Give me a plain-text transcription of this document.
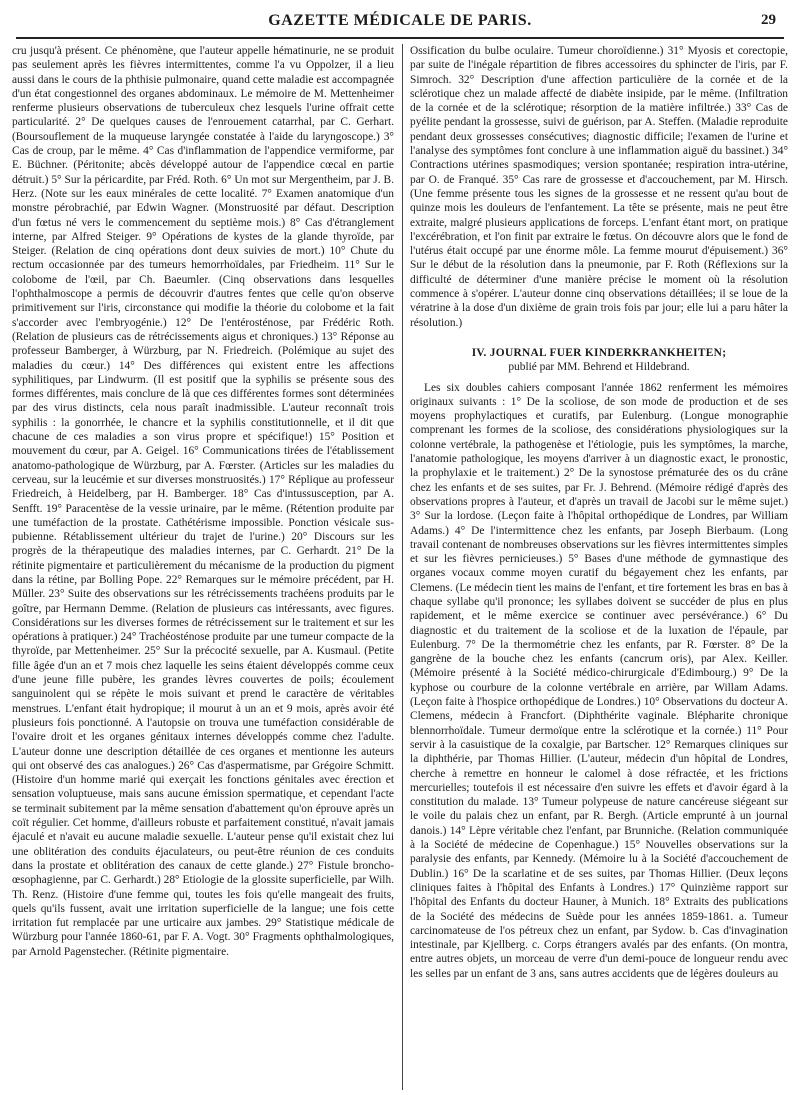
GAZETTE MÉDICALE DE PARIS.	29

cru jusqu'à présent. Ce phénomène, que l'auteur appelle hématinurie, ne se produit pas seulement après les fièvres intermittentes, comme l'a vu Oppolzer, il a lieu aussi dans le cours de la phthisie pulmonaire, quand cette maladie est accompagnée d'un état congestionnel des organes abdominaux. Le mémoire de M. Mettenheimer renferme plusieurs observations de tuberculeux chez lesquels l'urine offrait cette particularité. 2° De quelques causes de l'enrouement catarrhal, par C. Gerhart. (Boursouflement de la muqueuse laryngée constatée à l'aide du laryngoscope.) 3° Cas de croup, par le même. 4° Cas d'inflammation de l'appendice vermiforme, par E. Büchner. (Péritonite; abcès développé autour de l'appendice cœcal en partie détruit.) 5° Sur la péricardite, par Fréd. Roth. 6° Un mot sur Mergentheim, par J. B. Herz. (Note sur les eaux minérales de cette localité. 7° Examen anatomique d'un monstre pérobrachié, par Edwin Wagner. (Monstruosité par défaut. Description d'un fœtus né vers le commencement du septième mois.) 8° Cas d'étranglement interne, par Alfred Steiger. 9° Opérations de kystes de la glande thyroïde, par Steiger. (Relation de cinq opérations dont deux suivies de mort.) 10° Chute du rectum occasionnée par des tumeurs hemorrhoïdales, par Friedheim. 11° Sur le colobome de l'œil, par Ch. Baeumler. (Cinq observations dans lesquelles l'ophthalmoscope a permis de découvrir d'autres fentes que celle qu'on observe primitivement sur l'iris, circonstance qui modifie la théorie du colobome et la fait s'accorder avec l'embryogénie.) 12° De l'entérosténose, par Frédéric Roth. (Relation de plusieurs cas de rétrécissements aigus et chroniques.) 13° Réponse au professeur Bamberger, à Würzburg, par N. Friedreich. (Polémique au sujet des maladies du cœur.) 14° Des différences qui existent entre les affections syphilitiques, par Lindwurm. (Il est positif que la syphilis se présente sous des formes différentes, mais conclure de là que ces différentes formes sont déterminées par des virus distincts, cela nous paraît inadmissible. L'auteur reconnaît trois syphilis : la gonorrhée, le chancre et la syphilis constitutionnelle, et il dit que chacune de ces maladies a son virus propre et spécifique!) 15° Position et mouvement du cœur, par A. Geigel. 16° Communications tirées de l'établissement anatomo-pathologique de Würzburg, par A. Fœrster. (Articles sur les maladies du cerveau, sur la leucémie et sur diverses monstruosités.) 17° Réplique au professeur Friedreich, à Heidelberg, par H. Bamberger. 18° Cas d'intussusception, par A. Senfft. 19° Paracentèse de la vessie urinaire, par le même. (Rétention produite par une tuméfaction de la prostate. Cathétérisme impossible. Ponction vésicale sus-pubienne. Rétablissement ultérieur du trajet de l'urine.) 20° Discours sur les progrès de la thérapeutique des maladies internes, par C. Gerhardt. 21° De la rétinite pigmentaire et particulièrement du mécanisme de la production du pigment dans la rétine, par Bolling Pope. 22° Remarques sur le mémoire précédent, par H. Müller. 23° Suite des observations sur les rétrécissements trachéens produits par le goître, par Hermann Demme. (Relation de plusieurs cas intéressants, avec figures. Considérations sur les diverses formes de rétrécissement sur le traitement et sur les opérations à pratiquer.) 24° Trachéosténose produite par une tumeur compacte de la thyroïde, par Mettenheimer. 25° Sur la précocité sexuelle, par A. Kusmaul. (Petite fille âgée d'un an et 7 mois chez laquelle les seins étaient développés comme ceux d'une jeune fille pubère, les grandes lèvres couvertes de poils; écoulement sanguinolent qui se répète le mois suivant et prend le caractère de véritables menstrues. L'enfant était hydropique; il mourut à un an et 9 mois, après avoir été plusieurs fois ponctionné. A l'autopsie on trouva une tuméfaction considérable de l'ovaire droit et les organes génitaux internes développés comme chez l'adulte. L'auteur donne une description détaillée de ces organes et mentionne les auteurs qui ont observé des cas analogues.) 26° Cas d'aspermatisme, par Grégoire Schmitt. (Histoire d'un homme marié qui exerçait les fonctions génitales avec érection et sensation voluptueuse, mais sans aucune émission spermatique, et cependant l'acte se terminait subitement par la même sensation d'abattement qu'on éprouve après un coït régulier. Cet homme, d'ailleurs robuste et parfaitement constitué, n'avait jamais éjaculé et n'avait eu aucune maladie sexuelle. L'auteur pense qu'il existait chez lui une oblitération des conduits éjaculateurs, ou peut-être réunion de ces conduits dans la prostate et oblitération des canaux de cette glande.) 27° Fistule broncho-œsophagienne, par C. Gerhardt.) 28° Etiologie de la glossite superficielle, par Wilh. Th. Renz. (Histoire d'une femme qui, toutes les fois qu'elle mangeait des fruits, quels qu'ils fussent, avait une irritation superficielle de la langue; une fois cette irritation fut remplacée par une urticaire aux jambes. 29° Statistique médicale de Würzburg pour l'année 1860-61, par F. A. Vogt. 30° Fragments ophthalmologiques, par Arnold Pagenstecher. (Rétinite pigmentaire.

Ossification du bulbe oculaire. Tumeur choroïdienne.) 31° Myosis et corectopie, par suite de l'inégale répartition de fibres accessoires du sphincter de l'iris, par F. Simroch. 32° Description d'une affection particulière de la cornée et de la sclérotique chez un malade affecté de diabète insipide, par le même. (Infiltration de la cornée et de la sclérotique; résorption de la matière infiltrée.) 33° Cas de pyélite pendant la grossesse, suivi de guérison, par A. Steffen. (Maladie reproduite pendant deux grossesses consécutives; diagnostic difficile; l'examen de l'urine et l'analyse des symptômes font conclure à une inflammation aiguë du bassinet.) 34° Contractions utérines spasmodiques; version spontanée; respiration intra-utérine, par O. de Franqué. 35° Cas rare de grossesse et d'accouchement, par M. Hirsch. (Une femme présente tous les signes de la grossesse et ne ressent qu'au bout de quinze mois les douleurs de l'enfantement. La tête se présente, mais ne peut être extraite, malgré plusieurs applications de forceps. L'enfant étant mort, on pratique l'excérébration, et l'on finit par extraire le fœtus. On découvre alors que le fond de l'utérus était occupé par une énorme môle. La femme mourut d'épuisement.) 36° Sur le début de la résolution dans la pneumonie, par F. Roth (Réflexions sur la difficulté de déterminer d'une manière précise le moment où la résolution commence à s'opérer. L'auteur donne cinq observations détaillées; il se loue de la vératrine à la dose d'un dixième de grain trois fois par jour; elle lui a paru hâter la résolution.)

IV. JOURNAL FUER KINDERKRANKHEITEN;
publié par MM. Behrend et Hildebrand.

Les six doubles cahiers composant l'année 1862 renferment les mémoires originaux suivants : 1° De la scoliose, de son mode de production et de ses moyens prophylactiques et curatifs, par Eulenburg. (Longue monographie comprenant les formes de la scoliose, des considérations physiologiques sur la colonne vertébrale, la pathogenèse et l'étiologie, puis les symptômes, la marche, l'anatomie pathologique, les moyens d'arriver à un diagnostic exact, le pronostic, la prophylaxie et le traitement.) 2° De la synostose prématurée des os du crâne chez les enfants et de ses suites, par Fr. J. Behrend. (Mémoire rédigé d'après des observations propres à l'auteur, et d'après un travail de Jacobi sur le même sujet.) 3° Sur la lordose. (Leçon faite à l'hôpital orthopédique de Londres, par William Adams.) 4° De l'intermittence chez les enfants, par Joseph Bierbaum. (Long travail contenant de nombreuses observations sur les fièvres intermittentes simples et sur les fièvres pernicieuses.) 5° Bases d'une méthode de gymnastique des organes vocaux comme moyen curatif du bégayement chez les enfants, par Clemens. (Le médecin tient les mains de l'enfant, et tire fortement les bras en bas à chaque syllabe qu'il prononce; les syllabes doivent se succéder de plus en plus rapidement, et le même exercice se continuer avec persévérance.) 6° Du diagnostic et du traitement de la scoliose et de la luxation de l'épaule, par Eulenburg. 7° De la thermométrie chez les enfants, par R. Fœrster. 8° De la gangrène de la bouche chez les enfants (cancrum oris), par Alex. Keiller. (Mémoire présenté à la Société médico-chirurgicale d'Edimbourg.) 9° De la kyphose ou courbure de la colonne vertébrale en arrière, par Willam Adams. (Leçon faite à l'hospice orthopédique de Londres.) 10° Observations du docteur A. Clemens, médecin à Francfort. (Diphthérite vaginale. Blépharite chronique blennorrhoïdale. Tumeur dermoïque entre la sclérotique et la cornée.) 11° Pour servir à la casuistique de la coxalgie, par Bartscher. 12° Remarques cliniques sur la diphthérie, par Thomas Hillier. (L'auteur, médecin d'un hôpital de Londres, cherche à remettre en honneur le calomel à dose réfractée, et les frictions mercurielles; toutefois il est nécessaire d'en suivre les effets et d'avoir égard à la constitution du malade. 13° Tumeur polypeuse de nature cancéreuse siégeant sur le voile du palais chez un enfant, par R. Bergh. (Article emprunté à un journal danois.) 14° Lèpre véritable chez l'enfant, par Brunniche. (Relation communiquée à la Société de médecine de Copenhague.) 15° Nouvelles observations sur la paralysie des enfants, par Kennedy. (Mémoire lu à la Société d'accouchement de Dublin.) 16° De la scarlatine et de ses suites, par Thomas Hillier. (Deux leçons cliniques faites à l'hôpital des Enfants à Londres.) 17° Quinzième rapport sur l'hôpital des Enfants du docteur Hauner, à Munich. 18° Extraits des publications de la Société des médecins de Suède pour les années 1859-1861. a. Tumeur carcinomateuse de l'os pétreux chez un enfant, par Sydow. b. Cas d'invagination intestinale, par Kjellberg. c. Corps étrangers avalés par des enfants. (On montra, entre autres objets, un morceau de verre d'un demi-pouce de longueur rendu avec les selles par un enfant de 3 ans, sans autres accidents que de légères douleurs au
